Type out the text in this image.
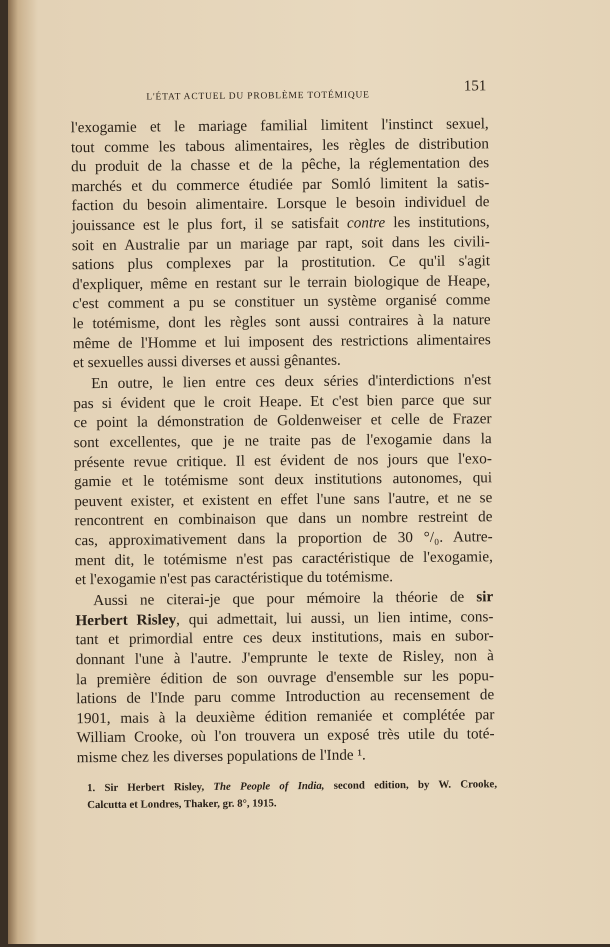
L'ÉTAT ACTUEL DU PROBLÈME TOTÉMIQUE
151
l'exogamie et le mariage familial limitent l'instinct sexuel,
tout comme les tabous alimentaires, les règles de distribution
du produit de la chasse et de la pêche, la réglementation des
marchés et du commerce étudiée par Somló limitent la satis-
faction du besoin alimentaire. Lorsque le besoin individuel de
jouissance est le plus fort, il se satisfait contre les institutions,
soit en Australie par un mariage par rapt, soit dans les civili-
sations plus complexes par la prostitution. Ce qu'il s'agit
d'expliquer, même en restant sur le terrain biologique de Heape,
c'est comment a pu se constituer un système organisé comme
le totémisme, dont les règles sont aussi contraires à la nature
même de l'Homme et lui imposent des restrictions alimentaires
et sexuelles aussi diverses et aussi gênantes.
En outre, le lien entre ces deux séries d'interdictions n'est
pas si évident que le croit Heape. Et c'est bien parce que sur
ce point la démonstration de Goldenweiser et celle de Frazer
sont excellentes, que je ne traite pas de l'exogamie dans la
présente revue critique. Il est évident de nos jours que l'exo-
gamie et le totémisme sont deux institutions autonomes, qui
peuvent exister, et existent en effet l'une sans l'autre, et ne se
rencontrent en combinaison que dans un nombre restreint de
cas, approximativement dans la proportion de 30 °/₀. Autre-
ment dit, le totémisme n'est pas caractéristique de l'exogamie,
et l'exogamie n'est pas caractéristique du totémisme.
Aussi ne citerai-je que pour mémoire la théorie de sir
Herbert Risley, qui admettait, lui aussi, un lien intime, cons-
tant et primordial entre ces deux institutions, mais en subor-
donnant l'une à l'autre. J'emprunte le texte de Risley, non à
la première édition de son ouvrage d'ensemble sur les popu-
lations de l'Inde paru comme Introduction au recensement de
1901, mais à la deuxième édition remaniée et complétée par
William Crooke, où l'on trouvera un exposé très utile du toté-
misme chez les diverses populations de l'Inde ¹.
1. Sir Herbert Risley, The People of India, second edition, by W. Crooke,
Calcutta et Londres, Thaker, gr. 8°, 1915.
